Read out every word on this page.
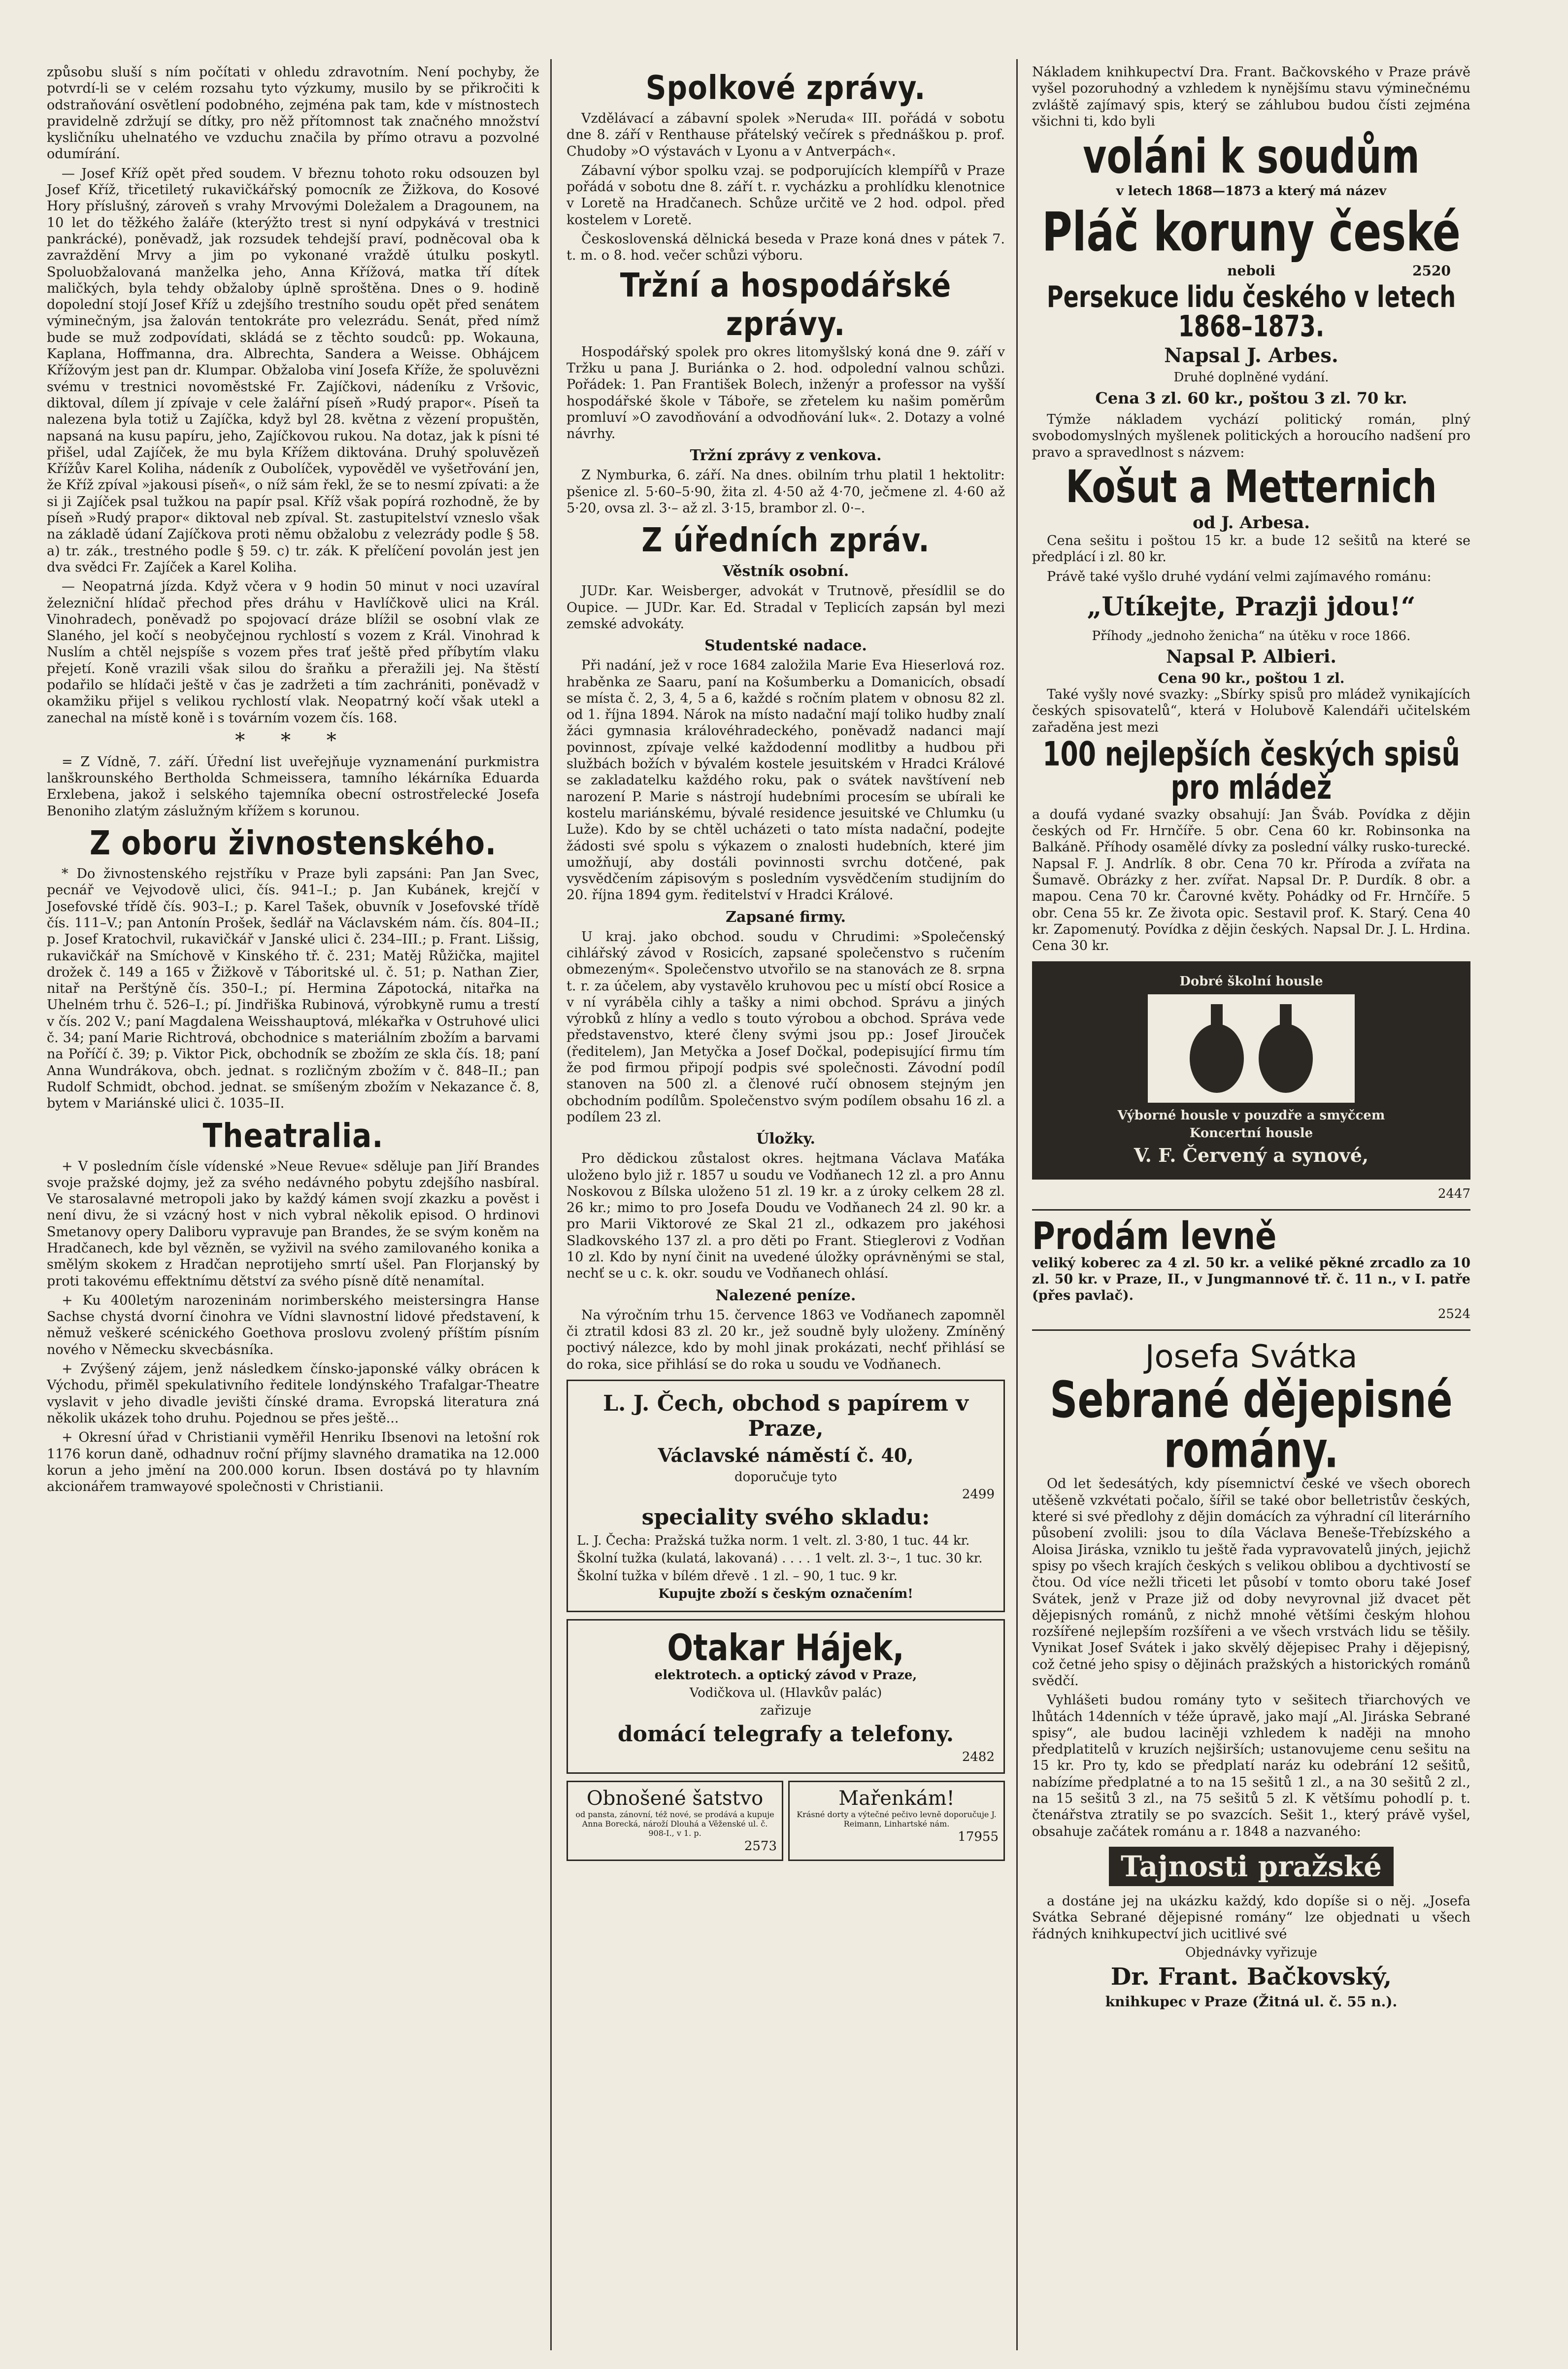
způsobu sluší s ním počítati v ohledu zdravotním. Není pochyby, že potvrdí-li se v celém rozsahu tyto výzkumy, musilo by se přikročiti k odstraňování osvětlení podobného, zejména pak tam, kde v místnostech pravidelně zdržují se dítky, pro něž přítomnost tak značného množství kysličníku uhelnatého ve vzduchu značila by přímo otravu a pozvolné odumírání.

— Josef Kříž opět před soudem. V březnu tohoto roku odsouzen byl Josef Kříž, třicetiletý rukavičkářský pomocník ze Žižkova, do Kosové Hory příslušný, zároveň s vrahy Mrvovými Doležalem a Dragounem, na 10 let do těžkého žaláře (kterýžto trest si nyní odpykává v trestnici pankrácké), poněvadž, jak rozsudek tehdejší praví, podněcoval oba k zavraždění Mrvy a jim po vykonané vraždě útulku poskytl. Spoluobžalovaná manželka jeho, Anna Křížová, matka tří dítek maličkých, byla tehdy obžaloby úplně sproštěna. Dnes o 9. hodině dopolední stojí Josef Kříž u zdejšího trestního soudu opět před senátem výminečným, jsa žalován tentokráte pro velezrádu. Senát, před nímž bude se muž zodpovídati, skládá se z těchto soudců: pp. Wokauna, Kaplana, Hoffmanna, dra. Albrechta, Sandera a Weisse. Obhájcem Křížovým jest pan dr. Klumpar. Obžaloba viní Josefa Kříže, že spoluvězni svému v trestnici novoměstské Fr. Zajíčkovi, nádeníku z Vršovic, diktoval, dílem jí zpívaje v cele žalářní píseň »Rudý prapor«. Píseň ta nalezena byla totiž u Zajíčka, když byl 28. května z vězení propuštěn, napsaná na kusu papíru, jeho, Zajíčkovou rukou. Na dotaz, jak k písni té přišel, udal Zajíček, že mu byla Křížem diktována. Druhý spoluvězeň Křížův Karel Koliha, nádeník z Oubolíček, vypověděl ve vyšetřování jen, že Kříž zpíval »jakousi píseň«, o níž sám řekl, že se to nesmí zpívati: a že si ji Zajíček psal tužkou na papír psal. Kříž však popírá rozhodně, že by píseň »Rudý prapor« diktoval neb zpíval. St. zastupitelství vzneslo však na základě údaní Zajíčkova proti němu obžalobu z velezrády podle § 58. a) tr. zák., trestného podle § 59. c) tr. zák. K přelíčení povolán jest jen dva svědci Fr. Zajíček a Karel Koliha.

— Neopatrná jízda. Když včera v 9 hodin 50 minut v noci uzavíral železniční hlídač přechod přes dráhu v Havlíčkově ulici na Král. Vinohradech, poněvadž po spojovací dráze blížil se osobní vlak ze Slaného, jel kočí s neobyčejnou rychlostí s vozem z Král. Vinohrad k Nuslím a chtěl nejspíše s vozem přes trať ještě před příbytím vlaku přejetí. Koně vrazili však silou do šraňku a přeražili jej. Na štěstí podařilo se hlídači ještě v čas je zadržeti a tím zachrániti, poněvadž v okamžiku přijel s velikou rychlostí vlak. Neopatrný kočí však utekl a zanechal na místě koně i s továrním vozem čís. 168.

* * *

= Z Vídně, 7. září. Úřední list uveřejňuje vyznamenání purkmistra lanškrounského Bertholda Schmeissera, tamního lékárníka Eduarda Erxlebena, jakož i selského tajemníka obecní ostrostřelecké Josefa Benoniho zlatým záslužným křížem s korunou.

Z oboru živnostenského.

* Do živnostenského rejstříku v Praze byli zapsáni: Pan Jan Svec, pecnář ve Vejvodově ulici, čís. 941–I.; p. Jan Kubánek, krejčí v Josefovské třídě čís. 903–I.; p. Karel Tašek, obuvník v Josefovské třídě čís. 111–V.; pan Antonín Prošek, šedlář na Václavském nám. čís. 804–II.; p. Josef Kratochvil, rukavičkář v Janské ulici č. 234–III.; p. Frant. Lišsig, rukavičkář na Smíchově v Kinského tř. č. 231; Matěj Růžička, majitel drožek č. 149 a 165 v Žižkově v Táboritské ul. č. 51; p. Nathan Zier, nitař na Perštýně čís. 350–I.; pí. Hermina Zápotocká, nitařka na Uhelném trhu č. 526–I.; pí. Jindřiška Rubinová, výrobkyně rumu a trestí v čís. 202 V.; paní Magdalena Weisshauptová, mlékařka v Ostruhové ulici č. 34; paní Marie Richtrová, obchodnice s materiálním zbožím a barvami na Poříčí č. 39; p. Viktor Pick, obchodník se zbožím ze skla čís. 18; paní Anna Wundrákova, obch. jednat. s rozličným zbožím v č. 848–II.; pan Rudolf Schmidt, obchod. jednat. se smíšeným zbožím v Nekazance č. 8, bytem v Mariánské ulici č. 1035–II.

Theatralia.

+ V posledním čísle vídenské »Neue Revue« sděluje pan Jiří Brandes svoje pražské dojmy, jež za svého nedávného pobytu zdejšího nasbíral. Ve starosalavné metropoli jako by každý kámen svojí zkazku a pověst i není divu, že si vzácný host v nich vybral několik episod. O hrdinovi Smetanovy opery Daliboru vypravuje pan Brandes, že se svým koněm na Hradčanech, kde byl vězněn, se vyživil na svého zamilovaného konika a smělým skokem z Hradčan neprotijeho smrtí ušel. Pan Florjanský by proti takovému effektnímu dětství za svého písně dítě nenamítal.

+ Ku 400letým narozeninám norimberského meistersingra Hanse Sachse chystá dvorní činohra ve Vídni slavnostní lidové představení, k němuž veškeré scénického Goethova proslovu zvolený příštím písním nového v Německu skvecbásníka.

+ Zvýšený zájem, jenž následkem čínsko-japonské války obrácen k Východu, přiměl spekulativního ředitele londýnského Trafalgar-Theatre vyslavit v jeho divadle jevišti čínské drama. Evropská literatura zná několik ukázek toho druhu. Pojednou se přes ještě...

+ Okresní úřad v Christianii vyměřil Henriku Ibsenovi na letošní rok 1176 korun daně, odhadnuv roční příjmy slavného dramatika na 12.000 korun a jeho jmění na 200.000 korun. Ibsen dostává po ty hlavním akcionářem tramwayové společnosti v Christianii.

Spolkové zprávy.

Vzdělávací a zábavní spolek »Neruda« III. pořádá v sobotu dne 8. září v Renthause přátelský večírek s přednáškou p. prof. Chudoby »O výstavách v Lyonu a v Antverpách«.

Zábavní výbor spolku vzaj. se podporujících klempířů v Praze pořádá v sobotu dne 8. září t. r. vycházku a prohlídku klenotnice v Loretě na Hradčanech. Schůze určitě ve 2 hod. odpol. před kostelem v Loretě.

Československá dělnická beseda v Praze koná dnes v pátek 7. t. m. o 8. hod. večer schůzi výboru.

Tržní a hospodářské zprávy.

Hospodářský spolek pro okres litomyšlský koná dne 9. září v Tržku u pana J. Buriánka o 2. hod. odpolední valnou schůzi. Pořádek: 1. Pan František Bolech, inženýr a professor na vyšší hospodářské škole v Táboře, se zřetelem ku našim poměrům promluví »O zavodňování a odvodňování luk«. 2. Dotazy a volné návrhy.

Tržní zprávy z venkova.

Z Nymburka, 6. září. Na dnes. obilním trhu platil 1 hektolitr: pšenice zl. 5·60–5·90, žita zl. 4·50 až 4·70, ječmene zl. 4·60 až 5·20, ovsa zl. 3·– až zl. 3·15, brambor zl. 0·–.

Z úředních zpráv.
Věstník osobní.

JUDr. Kar. Weisberger, advokát v Trutnově, přesídlil se do Oupice. — JUDr. Kar. Ed. Stradal v Teplicích zapsán byl mezi zemské advokáty.

Studentské nadace.

Při nadání, jež v roce 1684 založila Marie Eva Hieserlová roz. hraběnka ze Saaru, paní na Košumberku a Domanicích, obsadí se místa č. 2, 3, 4, 5 a 6, každé s ročním platem v obnosu 82 zl. od 1. října 1894. Nárok na místo nadační mají toliko hudby znalí žáci gymnasia královéhradeckého, poněvadž nadanci mají povinnost, zpívaje velké každodenní modlitby a hudbou při službách božích v bývalém kostele jesuitském v Hradci Králové se zakladatelku každého roku, pak o svátek navštívení neb narození P. Marie s nástrojí hudebními procesím se ubírali ke kostelu mariánskému, bývalé residence jesuitské ve Chlumku (u Luže). Kdo by se chtěl ucházeti o tato místa nadační, podejte žádosti své spolu s výkazem o znalosti hudebních, které jim umožňují, aby dostáli povinnosti svrchu dotčené, pak vysvědčením zápisovým s posledním vysvědčením studijním do 20. října 1894 gym. ředitelství v Hradci Králové.

Zapsané firmy.

U kraj. jako obchod. soudu v Chrudimi: »Společenský cihlářský závod v Rosicích, zapsané společenstvo s ručením obmezeným«. Společenstvo utvořilo se na stanovách ze 8. srpna t. r. za účelem, aby vystavělo kruhovou pec u místí obcí Rosice a v ní vyráběla cihly a tašky a nimi obchod. Správu a jiných výrobků z hlíny a vedlo s touto výrobou a obchod. Správa vede představenstvo, které členy svými jsou pp.: Josef Jirouček (ředitelem), Jan Metyčka a Josef Dočkal, podepisující firmu tím že pod firmou připojí podpis své společnosti. Závodní podíl stanoven na 500 zl. a členové ručí obnosem stejným jen obchodním podílům. Společenstvo svým podílem obsahu 16 zl. a podílem 23 zl.

Úložky.

Pro dědickou zůstalost okres. hejtmana Václava Maťáka uloženo bylo již r. 1857 u soudu ve Vodňanech 12 zl. a pro Annu Noskovou z Bílska uloženo 51 zl. 19 kr. a z úroky celkem 28 zl. 26 kr.; mimo to pro Josefa Doudu ve Vodňanech 24 zl. 90 kr. a pro Marii Viktorové ze Skal 21 zl., odkazem pro jakéhosi Sladkovského 137 zl. a pro děti po Frant. Stieglerovi z Vodňan 10 zl. Kdo by nyní činit na uvedené úložky oprávněnými se stal, nechť se u c. k. okr. soudu ve Vodňanech ohlásí.

Nalezené peníze.

Na výročním trhu 15. července 1863 ve Vodňanech zapomněl či ztratil kdosi 83 zl. 20 kr., jež soudně byly uloženy. Zmíněný poctivý nálezce, kdo by mohl jinak prokázati, nechť přihlásí se do roka, sice přihlásí se do roka u soudu ve Vodňanech.

L. J. Čech, obchod s papírem v Praze,
Václavské náměstí č. 40,
doporučuje tyto
2499
speciality svého skladu:
L. J. Čecha: Pražská tužka norm. 1 velt. zl. 3·80, 1 tuc. 44 kr.
Školní tužka (kulatá, lakovaná) . . . . 1 velt. zl. 3·–, 1 tuc. 30 kr.
Školní tužka v bílém dřevě . 1 zl. – 90, 1 tuc. 9 kr.
Kupujte zboží s českým označením!
Otakar Hájek,
elektrotech. a optický závod v Praze,
Vodičkova ul. (Hlavkův palác)
zařizuje
domácí telegrafy a telefony.
2482
Obnošené šatstvo
od pansta, zánovní, též nové, se prodává a kupuje Anna Borecká, nároží Dlouhá a Věženské ul. č. 908-I., v 1. p.
2573
Mařenkám!
Krásné dorty a výtečné pečivo levně doporučuje J. Reimann, Linhartské nám.
17955

Nákladem knihkupectví Dra. Frant. Bačkovského v Praze právě vyšel pozoruhodný a vzhledem k nynějšímu stavu výminečnému zvláště zajímavý spis, který se záhlubou budou čísti zejména všichni ti, kdo byli

voláni k soudům
v letech 1868—1873 a který má název
Pláč koruny české
neboli	2520
Persekuce lidu českého v letech 1868–1873.
Napsal J. Arbes.
Druhé doplněné vydání.
Cena 3 zl. 60 kr., poštou 3 zl. 70 kr.

Týmže nákladem vychází politický román, plný svobodomyslných myšlenek politických a horoucího nadšení pro pravo a spravedlnost s názvem:

Košut a Metternich
od J. Arbesa.

Cena sešitu i poštou 15 kr. a bude 12 sešitů na které se předplácí i zl. 80 kr.

Právě také vyšlo druhé vydání velmi zajímavého románu:

„Utíkejte, Prazji jdou!“
Příhody „jednoho ženicha“ na útěku v roce 1866.
Napsal P. Albieri.
Cena 90 kr., poštou 1 zl.

Také vyšly nové svazky: „Sbírky spisů pro mládež vynikajících českých spisovatelů“, která v Holubově Kalendáři učitelském zařaděna jest mezi

100 nejlepších českých spisů pro mládež

a doufá vydané svazky obsahují: Jan Šváb. Povídka z dějin českých od Fr. Hrnčíře. 5 obr. Cena 60 kr. Robinsonka na Balkáně. Příhody osamělé dívky za poslední války rusko-turecké. Napsal F. J. Andrlík. 8 obr. Cena 70 kr. Příroda a zvířata na Šumavě. Obrázky z her. zvířat. Napsal Dr. P. Durdík. 8 obr. a mapou. Cena 70 kr. Čarovné květy. Pohádky od Fr. Hrnčíře. 5 obr. Cena 55 kr. Ze života opic. Sestavil prof. K. Starý. Cena 40 kr. Zapomenutý. Povídka z dějin českých. Napsal Dr. J. L. Hrdina. Cena 30 kr.

Dobré školní housle
Výborné housle v pouzdře a smyčcem
Koncertní housle
V. F. Červený a synové,
2447
Prodám levně

veliký koberec za 4 zl. 50 kr. a veliké pěkné zrcadlo za 10 zl. 50 kr. v Praze, II., v Jungmannové tř. č. 11 n., v I. patře (přes pavlač).

2524
Josefa Svátka
Sebrané dějepisné romány.

Od let šedesátých, kdy písemnictví české ve všech oborech utěšeně vzkvétati počalo, šířil se také obor belletristův českých, které si své předlohy z dějin domácích za výhradní cíl literárního působení zvolili: jsou to díla Václava Beneše-Třebízského a Aloisa Jiráska, vzniklo tu ještě řada vypravovatelů jiných, jejichž spisy po všech krajích českých s velikou oblibou a dychtivostí se čtou. Od více nežli třiceti let působí v tomto oboru také Josef Svátek, jenž v Praze již od doby nevyrovnal již dvacet pět dějepisných románů, z nichž mnohé většími českým hlohou rozšířené nejlepším rozšířeni a ve všech vrstvách lidu se těšily. Vynikat Josef Svátek i jako skvělý dějepisec Prahy i dějepisný, což četné jeho spisy o dějinách pražských a historických románů svědčí.

Vyhlášeti budou romány tyto v sešitech třiarchových ve lhůtách 14denních v téže úpravě, jako mají „Al. Jiráska Sebrané spisy“, ale budou laciněji vzhledem k naději na mnoho předplatitelů v kruzích nejširších; ustanovujeme cenu sešitu na 15 kr. Pro ty, kdo se předplatí naráz ku odebrání 12 sešitů, nabízíme předplatné a to na 15 sešitů 1 zl., a na 30 sešitů 2 zl., na 15 sešitů 3 zl., na 75 sešitů 5 zl. K většímu pohodlí p. t. čtenářstva ztratily se po svazcích. Sešit 1., který právě vyšel, obsahuje začátek románu a r. 1848 a nazvaného:

Tajnosti pražské

a dostáne jej na ukázku každý, kdo dopíše si o něj. „Josefa Svátka Sebrané dějepisné romány“ lze objednati u všech řádných knihkupectví jich ucitlivé své

Objednávky vyřizuje
Dr. Frant. Bačkovský,
knihkupec v Praze (Žitná ul. č. 55 n.).
